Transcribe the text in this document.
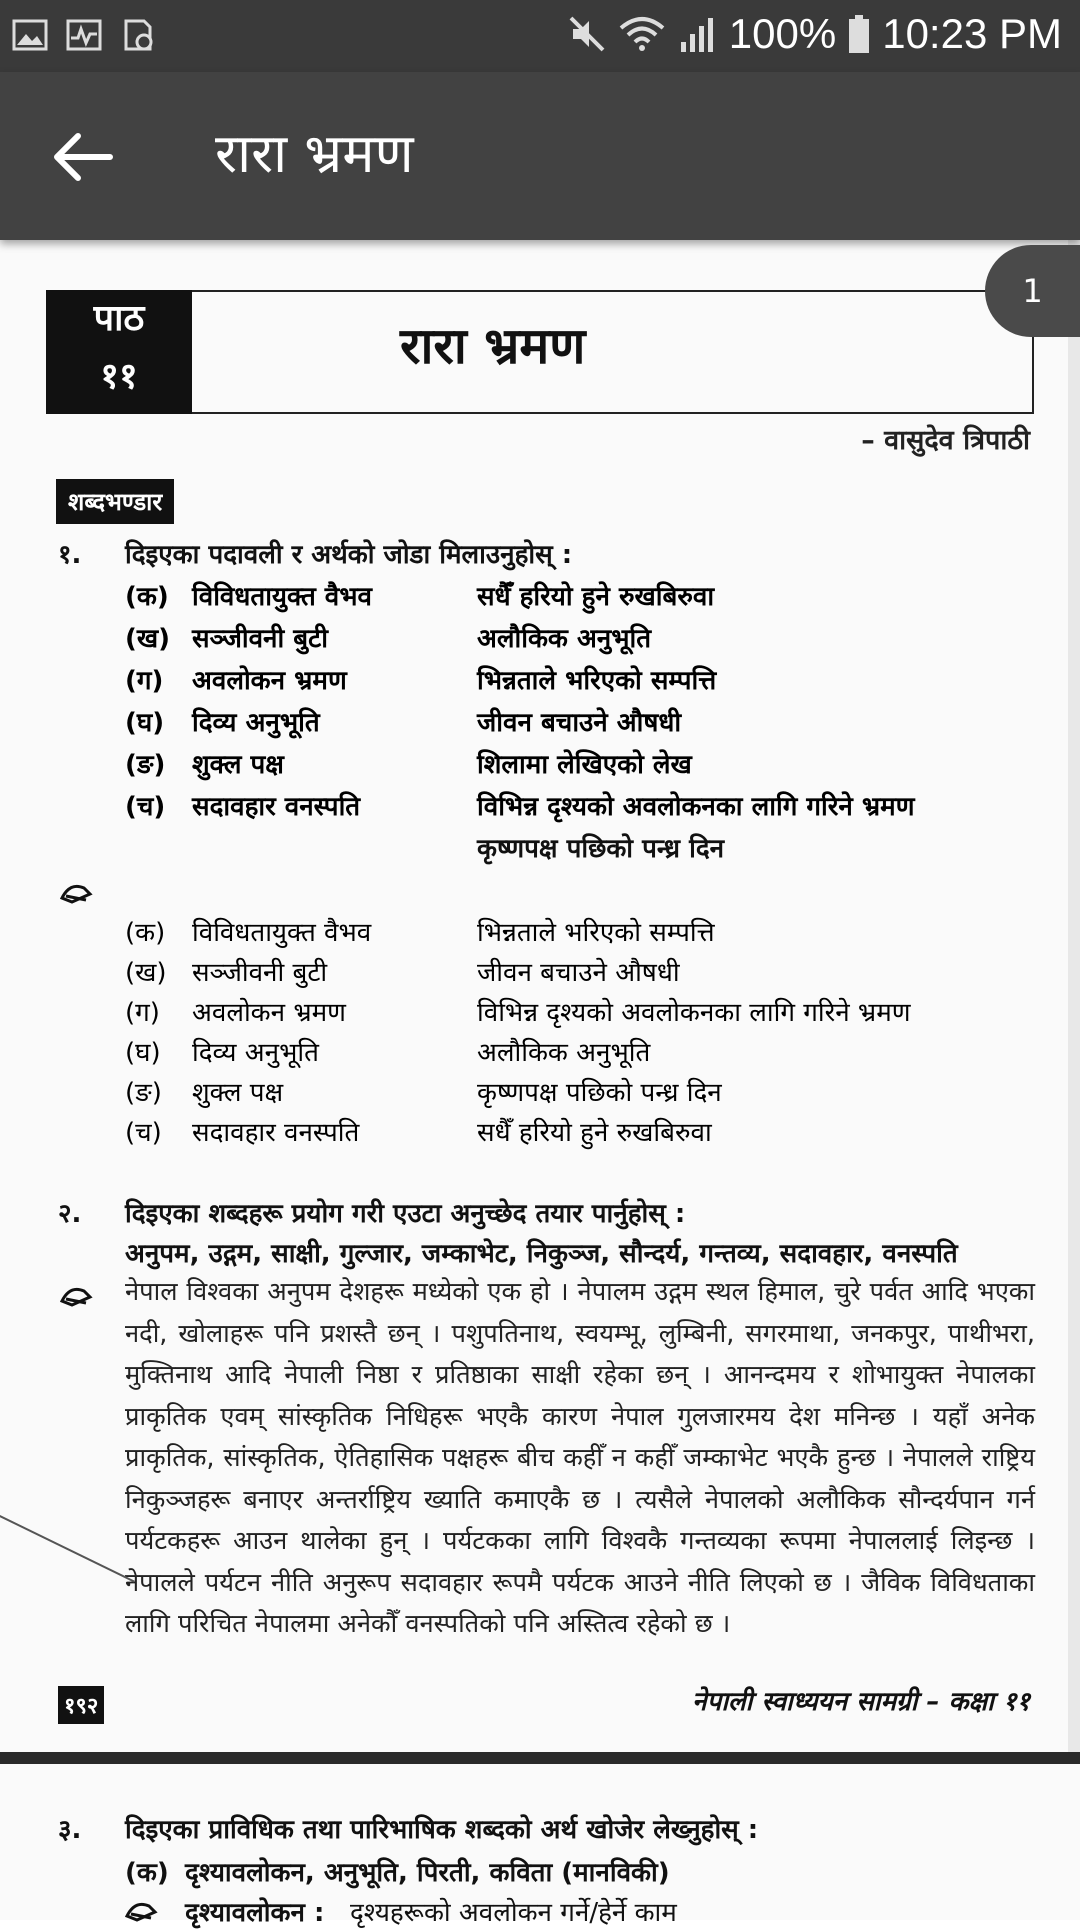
100% 10:23 PM
रारा भ्रमण
1
पाठ
११
रारा भ्रमण
– वासुदेव त्रिपाठी
शब्दभण्डार
१. दिइएका पदावली र अर्थको जोडा मिलाउनुहोस् :
(क) विविधतायुक्त वैभव	सधैँ हरियो हुने रुखबिरुवा
(ख) सञ्जीवनी बुटी	अलौकिक अनुभूति
(ग) अवलोकन भ्रमण	भिन्नताले भरिएको सम्पत्ति
(घ) दिव्य अनुभूति	जीवन बचाउने औषधी
(ङ) शुक्ल पक्ष	शिलामा लेखिएको लेख
(च) सदावहार वनस्पति	विभिन्न दृश्यको अवलोकनका लागि गरिने भ्रमण
कृष्णपक्ष पछिको पन्ध्र दिन
(क) विविधतायुक्त वैभव	भिन्नताले भरिएको सम्पत्ति
(ख) सञ्जीवनी बुटी	जीवन बचाउने औषधी
(ग) अवलोकन भ्रमण	विभिन्न दृश्यको अवलोकनका लागि गरिने भ्रमण
(घ) दिव्य अनुभूति	अलौकिक अनुभूति
(ङ) शुक्ल पक्ष	कृष्णपक्ष पछिको पन्ध्र दिन
(च) सदावहार वनस्पति	सधैँ हरियो हुने रुखबिरुवा
२. दिइएका शब्दहरू प्रयोग गरी एउटा अनुच्छेद तयार पार्नुहोस् :
अनुपम, उद्गम, साक्षी, गुल्जार, जम्काभेट, निकुञ्ज, सौन्दर्य, गन्तव्य, सदावहार, वनस्पति
नेपाल विश्वका अनुपम देशहरू मध्येको एक हो । नेपालम उद्गम स्थल हिमाल, चुरे पर्वत आदि भएका नदी, खोलाहरू पनि प्रशस्तै छन् । पशुपतिनाथ, स्वयम्भू, लुम्बिनी, सगरमाथा, जनकपुर, पाथीभरा, मुक्तिनाथ आदि नेपाली निष्ठा र प्रतिष्ठाका साक्षी रहेका छन् । आनन्दमय र शोभायुक्त नेपालका प्राकृतिक एवम् सांस्कृतिक निधिहरू भएकै कारण नेपाल गुलजारमय देश मनिन्छ । यहाँ अनेक प्राकृतिक, सांस्कृतिक, ऐतिहासिक पक्षहरू बीच कहीँ न कहीँ जम्काभेट भएकै हुन्छ । नेपालले राष्ट्रिय निकुञ्जहरू बनाएर अन्तर्राष्ट्रिय ख्याति कमाएकै छ । त्यसैले नेपालको अलौकिक सौन्दर्यपान गर्न पर्यटकहरू आउन थालेका हुन् । पर्यटकका लागि विश्वकै गन्तव्यका रूपमा नेपाललाई लिइन्छ । नेपालले पर्यटन नीति अनुरूप सदावहार रूपमै पर्यटक आउने नीति लिएको छ । जैविक विविधताका लागि परिचित नेपालमा अनेकौँ वनस्पतिको पनि अस्तित्व रहेको छ ।
१९२	नेपाली स्वाध्ययन सामग्री – कक्षा ११
३. दिइएका प्राविधिक तथा पारिभाषिक शब्दको अर्थ खोजेर लेख्नुहोस् :
(क) दृश्यावलोकन, अनुभूति, पिरती, कविता (मानविकी)
दृश्यावलोकन : दृश्यहरूको अवलोकन गर्ने/हेर्ने काम
